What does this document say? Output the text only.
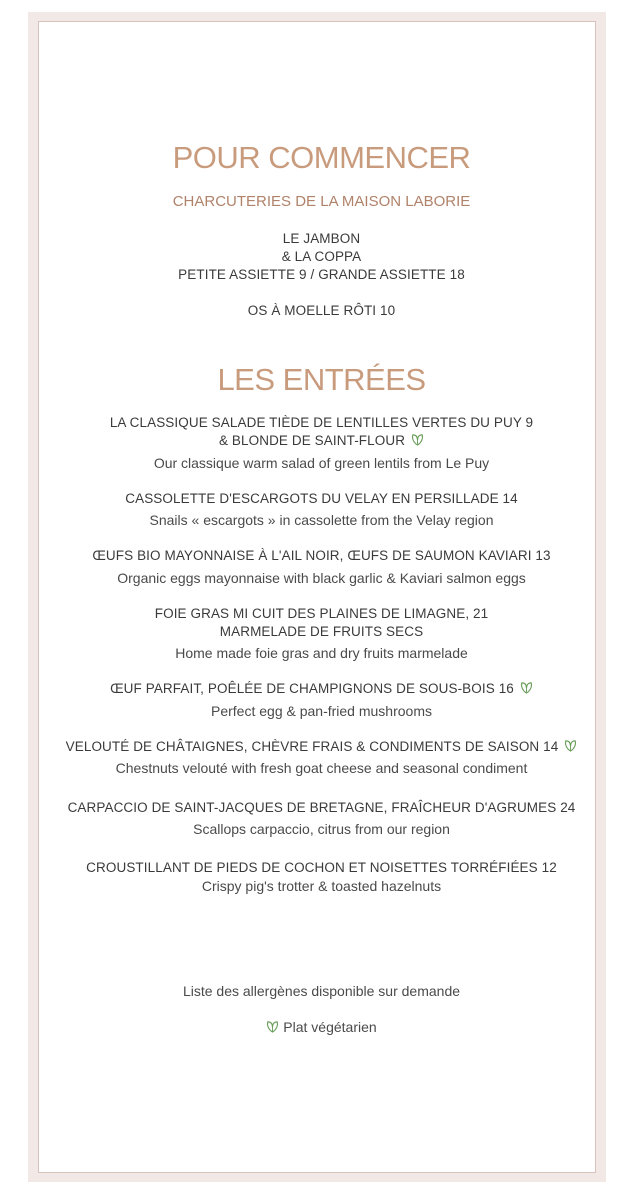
POUR COMMENCER
CHARCUTERIES DE LA MAISON LABORIE
LE JAMBON
& LA COPPA
PETITE ASSIETTE 9 / GRANDE ASSIETTE 18
OS À MOELLE RÔTI 10
LES ENTRÉES
LA CLASSIQUE SALADE TIÈDE DE LENTILLES VERTES DU PUY 9
& BLONDE DE SAINT-FLOUR
Our classique warm salad of green lentils from Le Puy
CASSOLETTE D'ESCARGOTS DU VELAY EN PERSILLADE 14
Snails « escargots » in cassolette from the Velay region
ŒUFS BIO MAYONNAISE À L'AIL NOIR, ŒUFS DE SAUMON KAVIARI 13
Organic eggs mayonnaise with black garlic & Kaviari salmon eggs
FOIE GRAS MI CUIT DES PLAINES DE LIMAGNE, 21
MARMELADE DE FRUITS SECS
Home made foie gras and dry fruits marmelade
ŒUF PARFAIT, POÊLÉE DE CHAMPIGNONS DE SOUS-BOIS 16
Perfect egg & pan-fried mushrooms
VELOUTÉ DE CHÂTAIGNES, CHÈVRE FRAIS & CONDIMENTS DE SAISON 14
Chestnuts velouté with fresh goat cheese and seasonal condiment
CARPACCIO DE SAINT-JACQUES DE BRETAGNE, FRAÎCHEUR D'AGRUMES 24
Scallops carpaccio, citrus from our region
CROUSTILLANT DE PIEDS DE COCHON ET NOISETTES TORRÉFIÉES 12
Crispy pig's trotter & toasted hazelnuts
Liste des allergènes disponible sur demande
Plat végétarien
